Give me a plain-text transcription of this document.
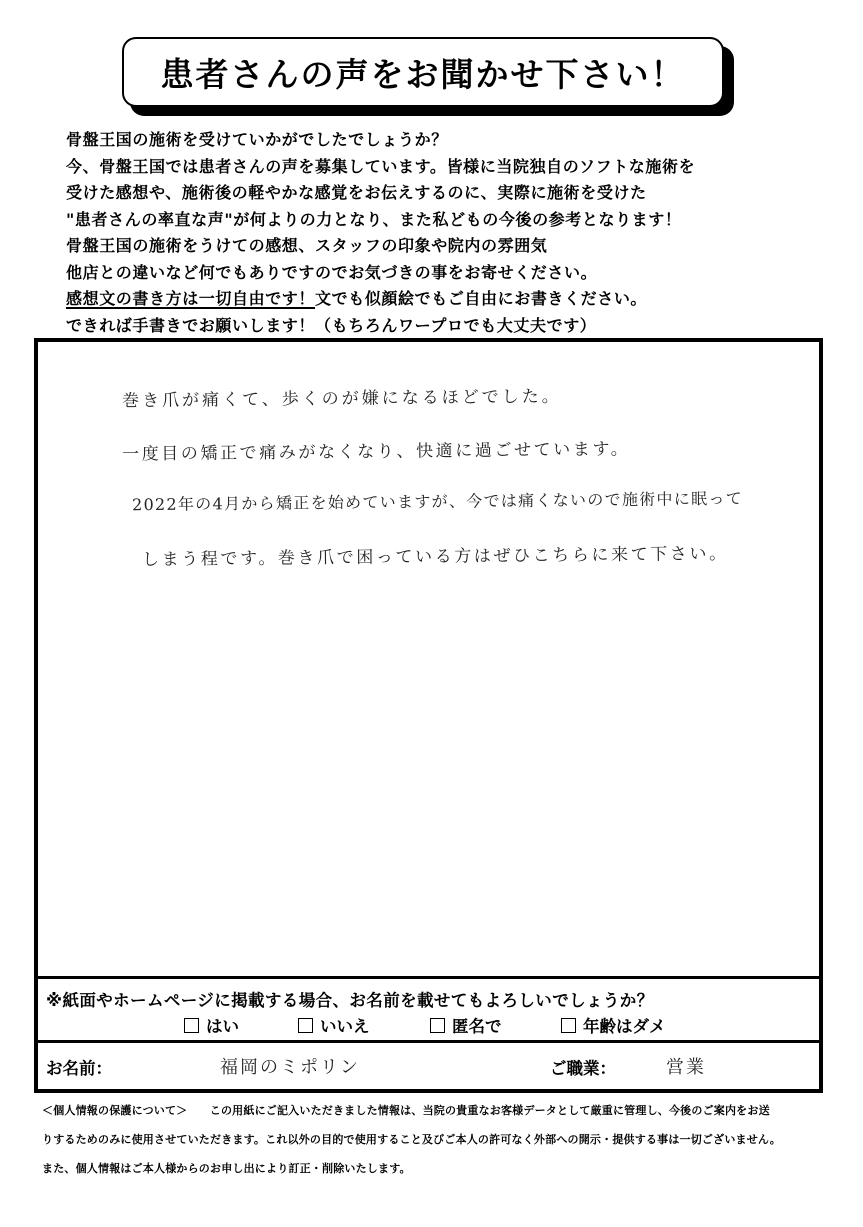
患者さんの声をお聞かせ下さい！
骨盤王国の施術を受けていかがでしたでしょうか？
今、骨盤王国では患者さんの声を募集しています。皆様に当院独自のソフトな施術を
受けた感想や、施術後の軽やかな感覚をお伝えするのに、実際に施術を受けた
"患者さんの率直な声"が何よりの力となり、また私どもの今後の参考となります！
骨盤王国の施術をうけての感想、スタッフの印象や院内の雰囲気
他店との違いなど何でもありですのでお気づきの事をお寄せください。
感想文の書き方は一切自由です！文でも似顔絵でもご自由にお書きください。
できれば手書きでお願いします！（もちろんワープロでも大丈夫です）
巻き爪が痛くて、歩くのが嫌になるほどでした。
一度目の矯正で痛みがなくなり、快適に過ごせています。
2022年の4月から矯正を始めていますが、今では痛くないので施術中に眠って
しまう程です。巻き爪で困っている方はぜひこちらに来て下さい。
※紙面やホームページに掲載する場合、お名前を載せてもよろしいでしょうか？
はい	いいえ	匿名で	年齢はダメ
お名前：	福岡のミポリン	ご職業：	営業
＜個人情報の保護について＞　　この用紙にご記入いただきました情報は、当院の貴重なお客様データとして厳重に管理し、今後のご案内をお送
りするためのみに使用させていただきます。これ以外の目的で使用すること及びご本人の許可なく外部への開示・提供する事は一切ございません。
また、個人情報はご本人様からのお申し出により訂正・削除いたします。
